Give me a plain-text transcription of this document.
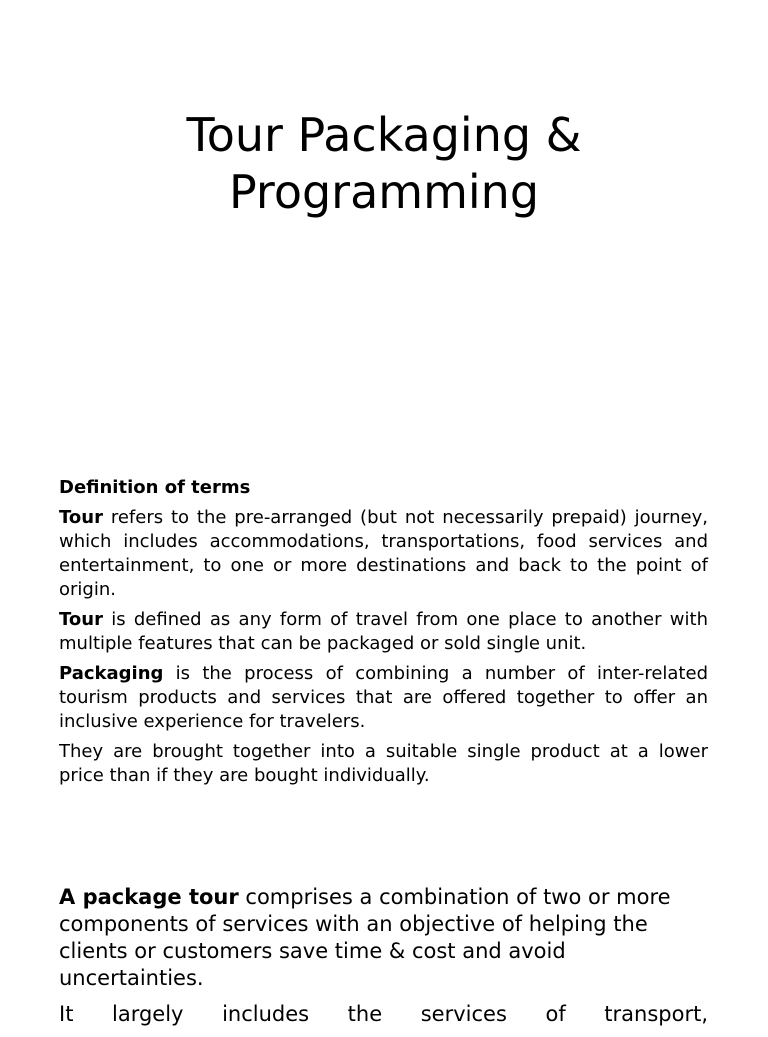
Tour Packaging &
Programming
Definition of terms

Tour refers to the pre-arranged (but not necessarily prepaid) journey, which includes accommodations, transportations, food services and entertainment, to one or more destinations and back to the point of origin.

Tour is defined as any form of travel from one place to another with multiple features that can be packaged or sold single unit.

Packaging is the process of combining a number of inter-related tourism products and services that are offered together to offer an inclusive experience for travelers.

They are brought together into a suitable single product at a lower price than if they are bought individually.

A package tour comprises a combination of two or more components of services with an objective of helping the clients or customers save time & cost and avoid uncertainties.

It largely includes the services of transport,
